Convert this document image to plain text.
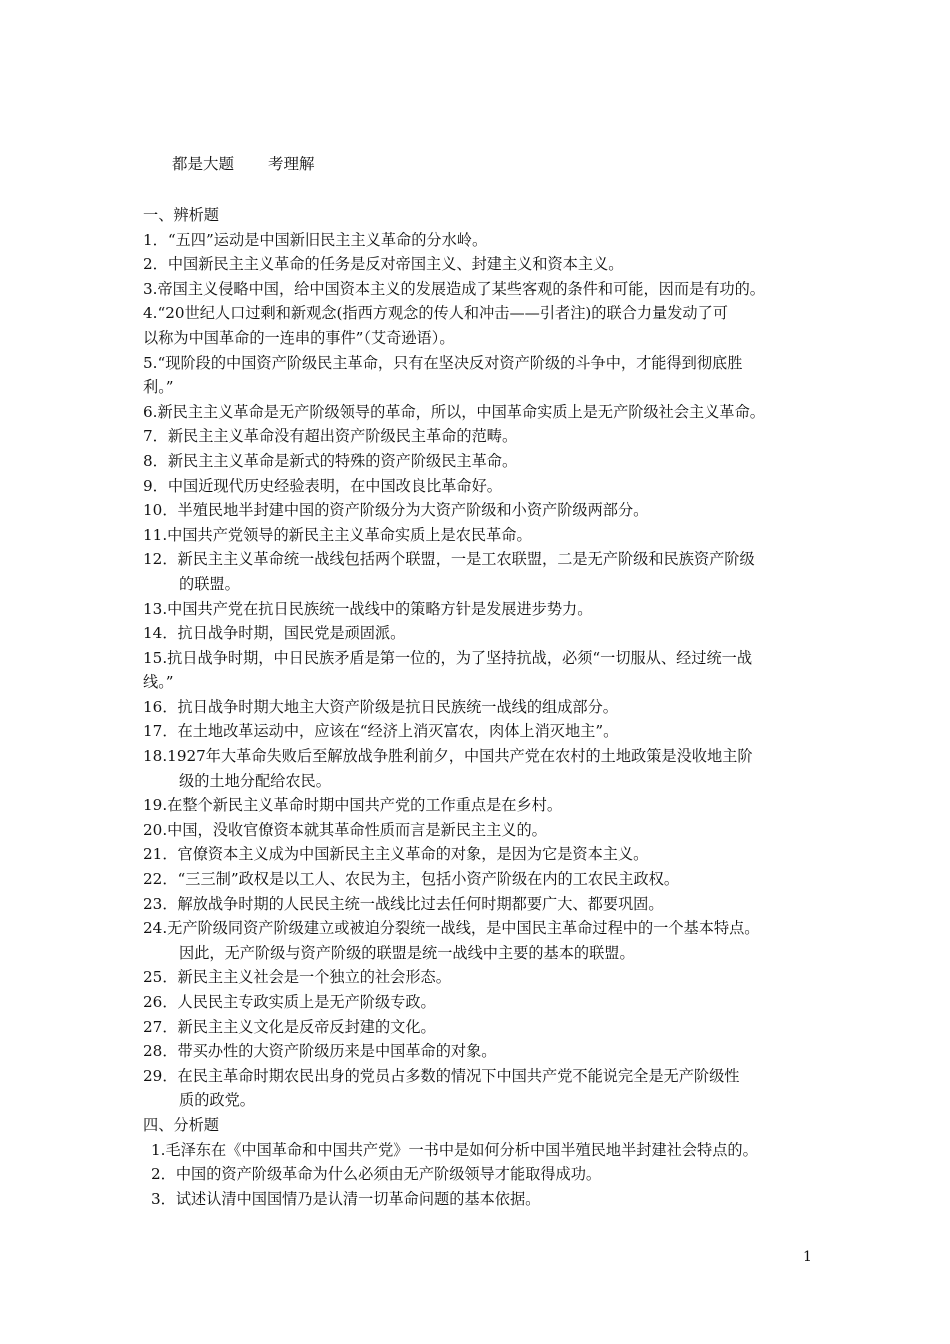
都是大题 考理解

一、辨析题

1．“五四”运动是中国新旧民主主义革命的分水岭。

2．中国新民主主义革命的任务是反对帝国主义、封建主义和资本主义。

3.帝国主义侵略中国，给中国资本主义的发展造成了某些客观的条件和可能，因而是有功的。

4.“20世纪人口过剩和新观念(指西方观念的传人和冲击——引者注)的联合力量发动了可

以称为中国革命的一连串的事件”（艾奇逊语）。

5.“现阶段的中国资产阶级民主革命，只有在坚决反对资产阶级的斗争中，才能得到彻底胜

利。”

6.新民主主义革命是无产阶级领导的革命，所以，中国革命实质上是无产阶级社会主义革命。

7．新民主主义革命没有超出资产阶级民主革命的范畴。

8．新民主主义革命是新式的特殊的资产阶级民主革命。

9．中国近现代历史经验表明，在中国改良比革命好。

10．半殖民地半封建中国的资产阶级分为大资产阶级和小资产阶级两部分。

11.中国共产党领导的新民主主义革命实质上是农民革命。

12．新民主主义革命统一战线包括两个联盟，一是工农联盟，二是无产阶级和民族资产阶级

的联盟。

13.中国共产党在抗日民族统一战线中的策略方针是发展进步势力。

14．抗日战争时期，国民党是顽固派。

15.抗日战争时期，中日民族矛盾是第一位的，为了坚持抗战，必须“一切服从、经过统一战

线。”

16．抗日战争时期大地主大资产阶级是抗日民族统一战线的组成部分。

17．在土地改革运动中，应该在“经济上消灭富农，肉体上消灭地主”。

18.1927年大革命失败后至解放战争胜利前夕，中国共产党在农村的土地政策是没收地主阶

级的土地分配给农民。

19.在整个新民主义革命时期中国共产党的工作重点是在乡村。

20.中国，没收官僚资本就其革命性质而言是新民主主义的。

21．官僚资本主义成为中国新民主主义革命的对象，是因为它是资本主义。

22．“三三制”政权是以工人、农民为主，包括小资产阶级在内的工农民主政权。

23．解放战争时期的人民民主统一战线比过去任何时期都要广大、都要巩固。

24.无产阶级同资产阶级建立或被迫分裂统一战线，是中国民主革命过程中的一个基本特点。

因此，无产阶级与资产阶级的联盟是统一战线中主要的基本的联盟。

25．新民主主义社会是一个独立的社会形态。

26．人民民主专政实质上是无产阶级专政。

27．新民主主义文化是反帝反封建的文化。

28．带买办性的大资产阶级历来是中国革命的对象。

29．在民主革命时期农民出身的党员占多数的情况下中国共产党不能说完全是无产阶级性

质的政党。

四、分析题

1.毛泽东在《中国革命和中国共产党》一书中是如何分析中国半殖民地半封建社会特点的。

2．中国的资产阶级革命为什么必须由无产阶级领导才能取得成功。

3．试述认清中国国情乃是认清一切革命问题的基本依据。

1
